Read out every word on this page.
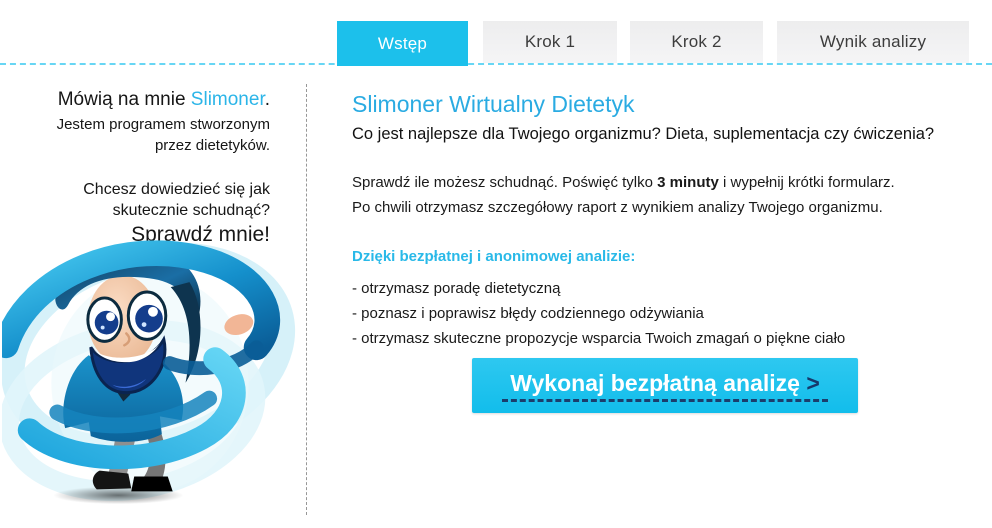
Wstęp	Krok 1	Krok 2	Wynik analizy

Mówią na mnie Slimoner.

Jestem programem stworzonym
przez dietetyków.

Chcesz dowiedzieć się jak
skutecznie schudnąć?

Sprawdź mnie!

Slimoner Wirtualny Dietetyk

Co jest najlepsze dla Twojego organizmu? Dieta, suplementacja czy ćwiczenia?

Sprawdź ile możesz schudnąć. Poświęć tylko 3 minuty i wypełnij krótki formularz.
Po chwili otrzymasz szczegółowy raport z wynikiem analizy Twojego organizmu.

Dzięki bezpłatnej i anonimowej analizie:

- otrzymasz poradę dietetyczną

- poznasz i poprawisz błędy codziennego odżywiania

- otrzymasz skuteczne propozycje wsparcia Twoich zmagań o piękne ciało

Wykonaj bezpłatną analizę >
